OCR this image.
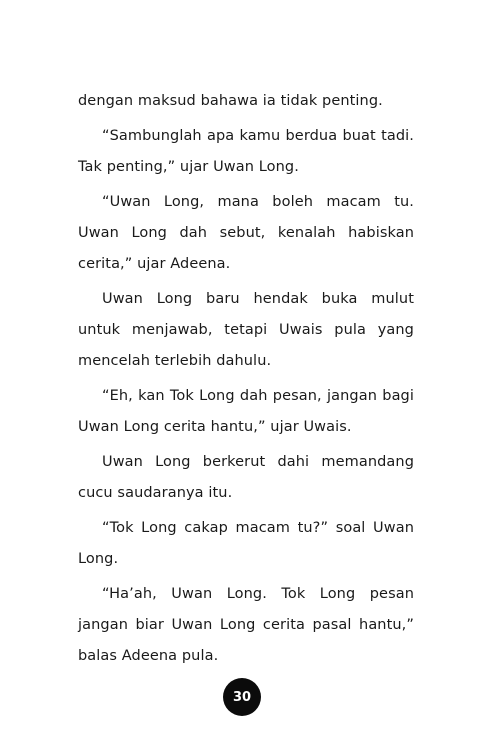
dengan maksud bahawa ia tidak penting.

“Sambunglah apa kamu berdua buat tadi. Tak penting,” ujar Uwan Long.

“Uwan Long, mana boleh macam tu. Uwan Long dah sebut, kenalah habiskan cerita,” ujar Adeena.

Uwan Long baru hendak buka mulut untuk menjawab, tetapi Uwais pula yang mencelah terlebih dahulu.

“Eh, kan Tok Long dah pesan, jangan bagi Uwan Long cerita hantu,” ujar Uwais.

Uwan Long berkerut dahi memandang cucu saudaranya itu.

“Tok Long cakap macam tu?” soal Uwan Long.

“Ha’ah, Uwan Long. Tok Long pesan jangan biar Uwan Long cerita pasal hantu,” balas Adeena pula.

30
